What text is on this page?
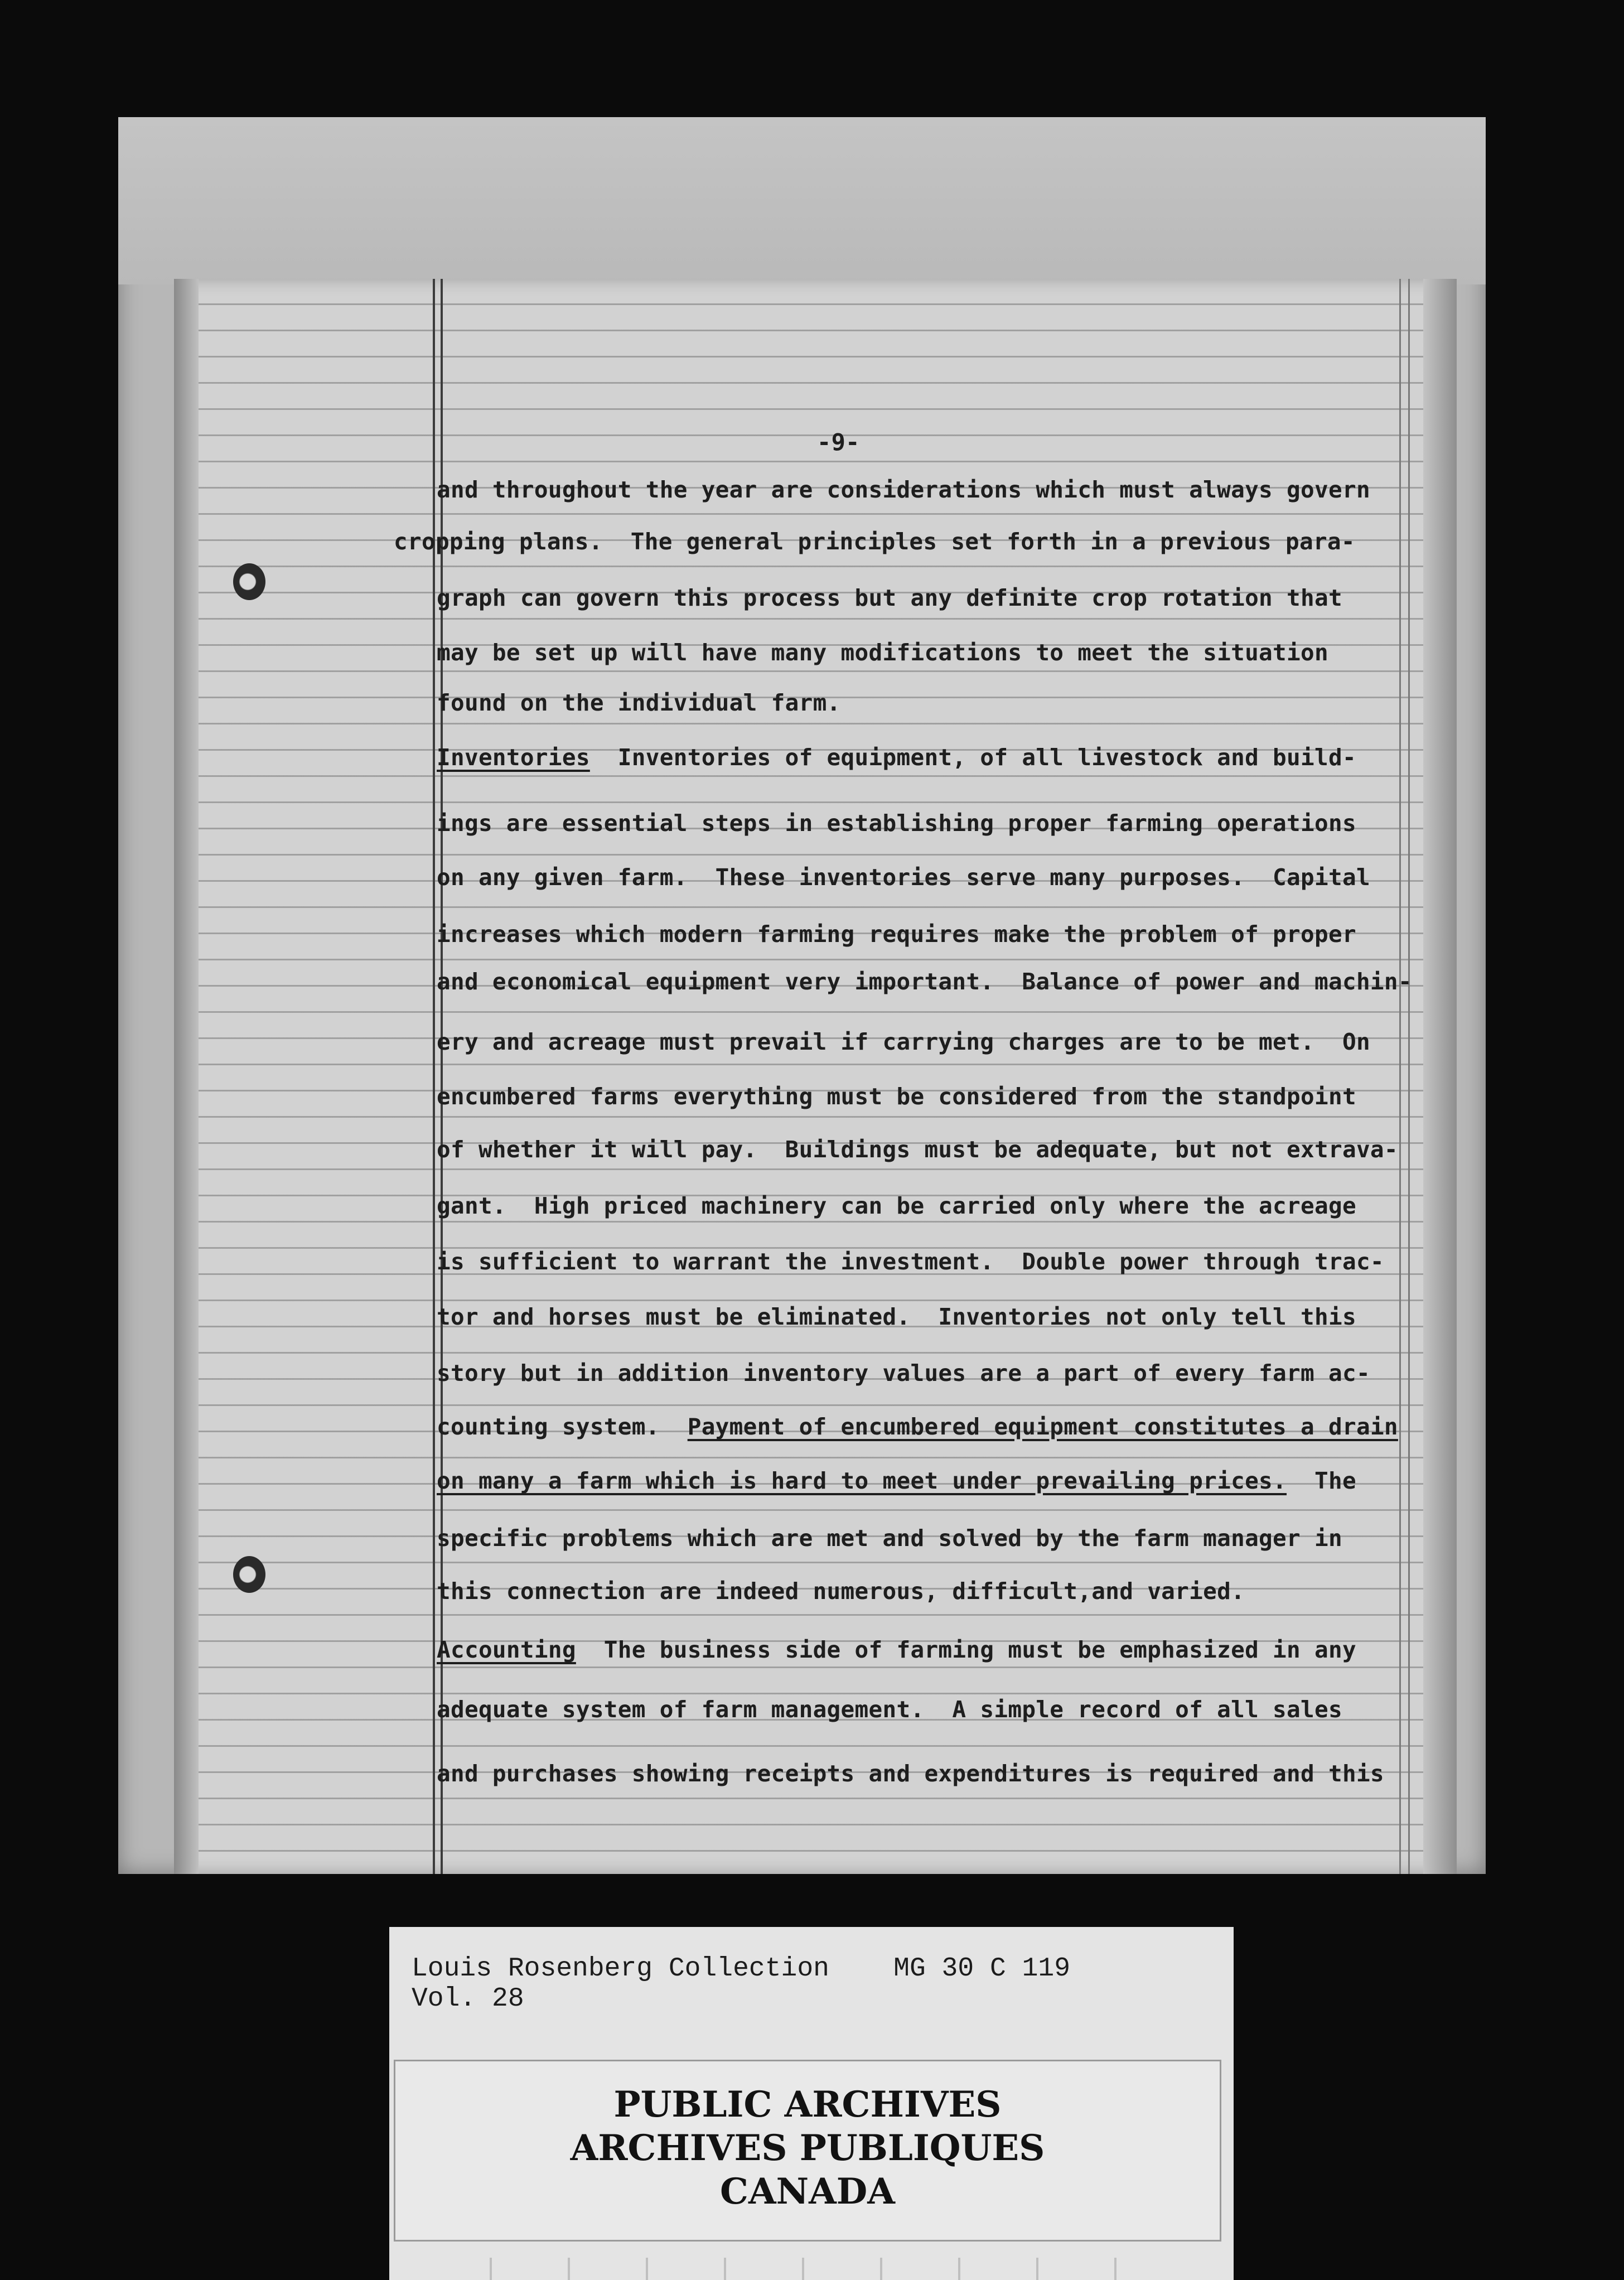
-9-
and throughout the year are considerations which must always govern
cropping plans.  The general principles set forth in a previous para-
graph can govern this process but any definite crop rotation that
may be set up will have many modifications to meet the situation
found on the individual farm.
Inventories  Inventories of equipment, of all livestock and build-
ings are essential steps in establishing proper farming operations
on any given farm.  These inventories serve many purposes.  Capital
increases which modern farming requires make the problem of proper
and economical equipment very important.  Balance of power and machin-
ery and acreage must prevail if carrying charges are to be met.  On
encumbered farms everything must be considered from the standpoint
of whether it will pay.  Buildings must be adequate, but not extrava-
gant.  High priced machinery can be carried only where the acreage
is sufficient to warrant the investment.  Double power through trac-
tor and horses must be eliminated.  Inventories not only tell this
story but in addition inventory values are a part of every farm ac-
counting system.  Payment of encumbered equipment constitutes a drain
on many a farm which is hard to meet under prevailing prices.  The
specific problems which are met and solved by the farm manager in
this connection are indeed numerous, difficult,and varied.
Accounting  The business side of farming must be emphasized in any
adequate system of farm management.  A simple record of all sales
and purchases showing receipts and expenditures is required and this
Louis Rosenberg Collection    MG 30 C 119
Vol. 28
PUBLIC ARCHIVES
ARCHIVES PUBLIQUES
CANADA
